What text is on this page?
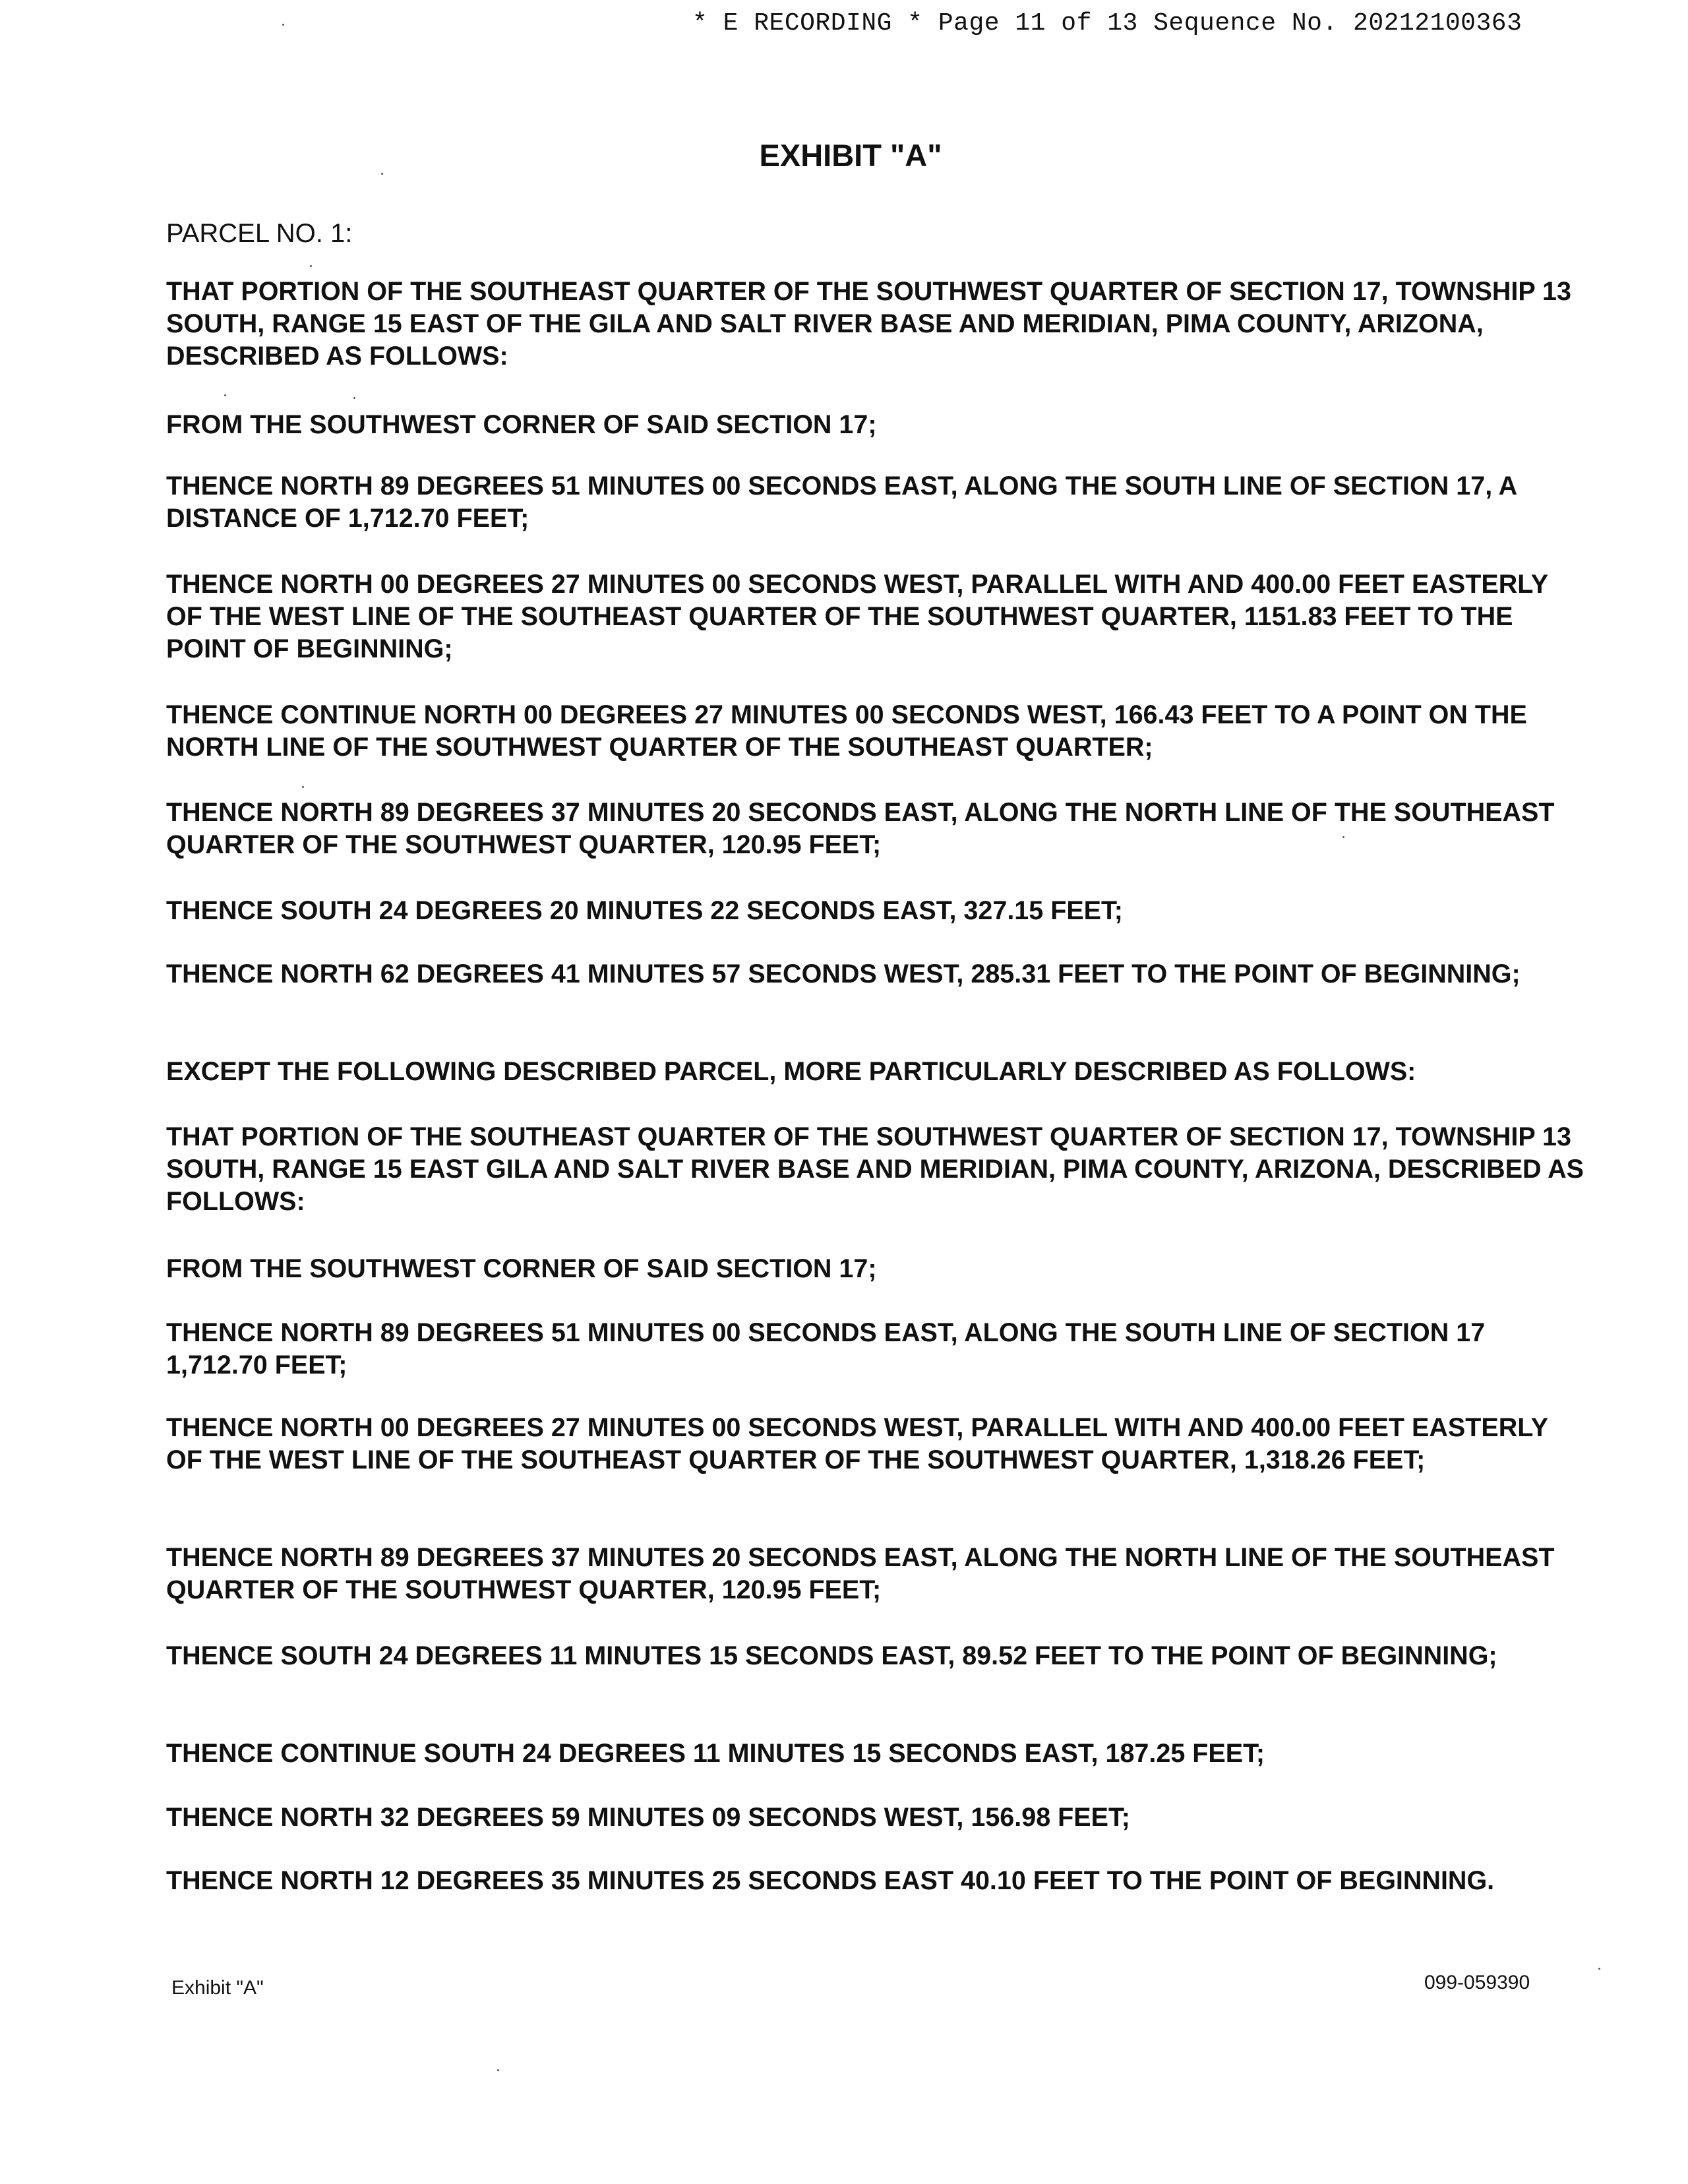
* E RECORDING * Page 11 of 13 Sequence No. 20212100363
EXHIBIT "A"
PARCEL NO. 1:

THAT PORTION OF THE SOUTHEAST QUARTER OF THE SOUTHWEST QUARTER OF SECTION 17, TOWNSHIP 13 SOUTH, RANGE 15 EAST OF THE GILA AND SALT RIVER BASE AND MERIDIAN, PIMA COUNTY, ARIZONA, DESCRIBED AS FOLLOWS:

FROM THE SOUTHWEST CORNER OF SAID SECTION 17;

THENCE NORTH 89 DEGREES 51 MINUTES 00 SECONDS EAST, ALONG THE SOUTH LINE OF SECTION 17, A DISTANCE OF 1,712.70 FEET;

THENCE NORTH 00 DEGREES 27 MINUTES 00 SECONDS WEST, PARALLEL WITH AND 400.00 FEET EASTERLY OF THE WEST LINE OF THE SOUTHEAST QUARTER OF THE SOUTHWEST QUARTER, 1151.83 FEET TO THE POINT OF BEGINNING;

THENCE CONTINUE NORTH 00 DEGREES 27 MINUTES 00 SECONDS WEST, 166.43 FEET TO A POINT ON THE NORTH LINE OF THE SOUTHWEST QUARTER OF THE SOUTHEAST QUARTER;

THENCE NORTH 89 DEGREES 37 MINUTES 20 SECONDS EAST, ALONG THE NORTH LINE OF THE SOUTHEAST QUARTER OF THE SOUTHWEST QUARTER, 120.95 FEET;

THENCE SOUTH 24 DEGREES 20 MINUTES 22 SECONDS EAST, 327.15 FEET;

THENCE NORTH 62 DEGREES 41 MINUTES 57 SECONDS WEST, 285.31 FEET TO THE POINT OF BEGINNING;

EXCEPT THE FOLLOWING DESCRIBED PARCEL, MORE PARTICULARLY DESCRIBED AS FOLLOWS:

THAT PORTION OF THE SOUTHEAST QUARTER OF THE SOUTHWEST QUARTER OF SECTION 17, TOWNSHIP 13 SOUTH, RANGE 15 EAST GILA AND SALT RIVER BASE AND MERIDIAN, PIMA COUNTY, ARIZONA, DESCRIBED AS FOLLOWS:

FROM THE SOUTHWEST CORNER OF SAID SECTION 17;

THENCE NORTH 89 DEGREES 51 MINUTES 00 SECONDS EAST, ALONG THE SOUTH LINE OF SECTION 17 1,712.70 FEET;

THENCE NORTH 00 DEGREES 27 MINUTES 00 SECONDS WEST, PARALLEL WITH AND 400.00 FEET EASTERLY OF THE WEST LINE OF THE SOUTHEAST QUARTER OF THE SOUTHWEST QUARTER, 1,318.26 FEET;

THENCE NORTH 89 DEGREES 37 MINUTES 20 SECONDS EAST, ALONG THE NORTH LINE OF THE SOUTHEAST QUARTER OF THE SOUTHWEST QUARTER, 120.95 FEET;

THENCE SOUTH 24 DEGREES 11 MINUTES 15 SECONDS EAST, 89.52 FEET TO THE POINT OF BEGINNING;

THENCE CONTINUE SOUTH 24 DEGREES 11 MINUTES 15 SECONDS EAST, 187.25 FEET;

THENCE NORTH 32 DEGREES 59 MINUTES 09 SECONDS WEST, 156.98 FEET;

THENCE NORTH 12 DEGREES 35 MINUTES 25 SECONDS EAST 40.10 FEET TO THE POINT OF BEGINNING.

Exhibit "A"	099-059390
